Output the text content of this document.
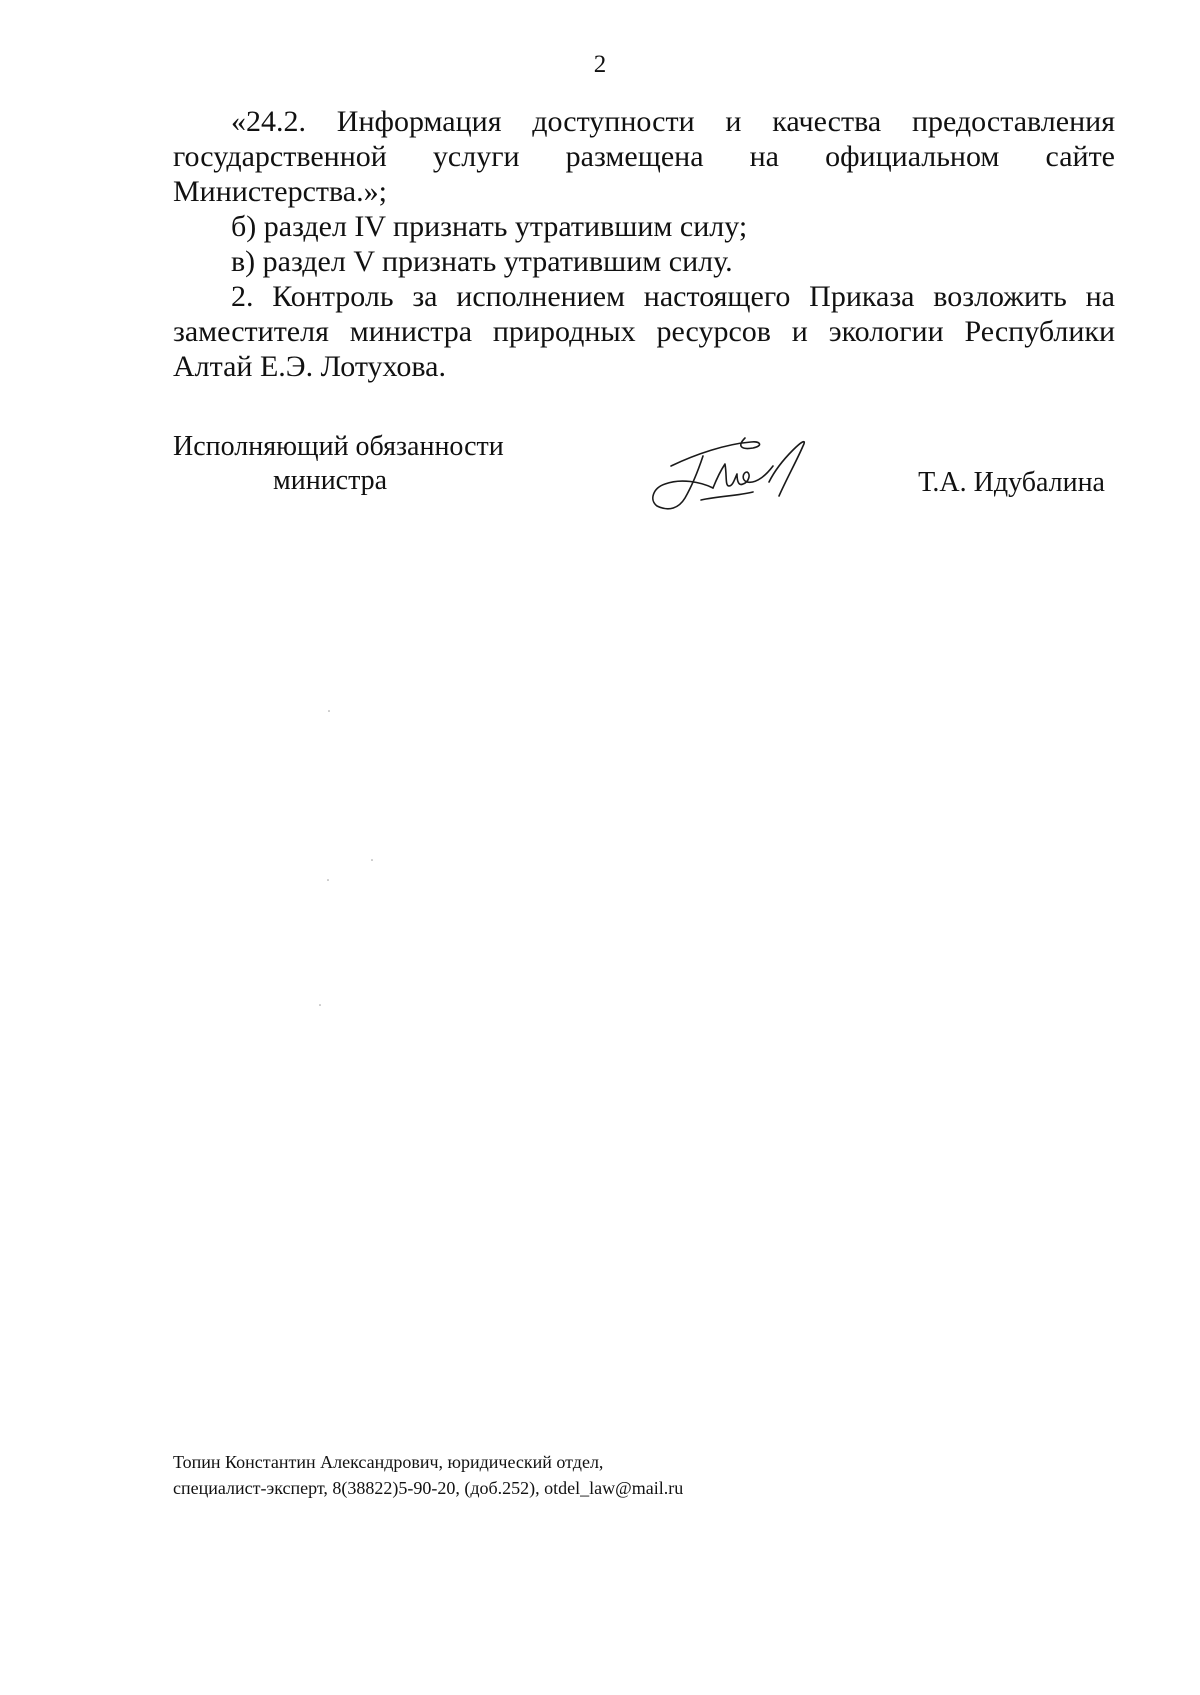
2

«24.2. Информация доступности и качества предоставления государственной услуги размещена на официальном сайте Министерства.»;

б) раздел IV признать утратившим силу;

в) раздел V признать утратившим силу.

2. Контроль за исполнением настоящего Приказа возложить на заместителя министра природных ресурсов и экологии Республики Алтай Е.Э. Лотухова.

Исполняющий обязанности
министра	Т.А. Идубалина
Топин Константин Александрович, юридический отдел,
специалист-эксперт, 8(38822)5-90-20, (доб.252), otdel_law@mail.ru
